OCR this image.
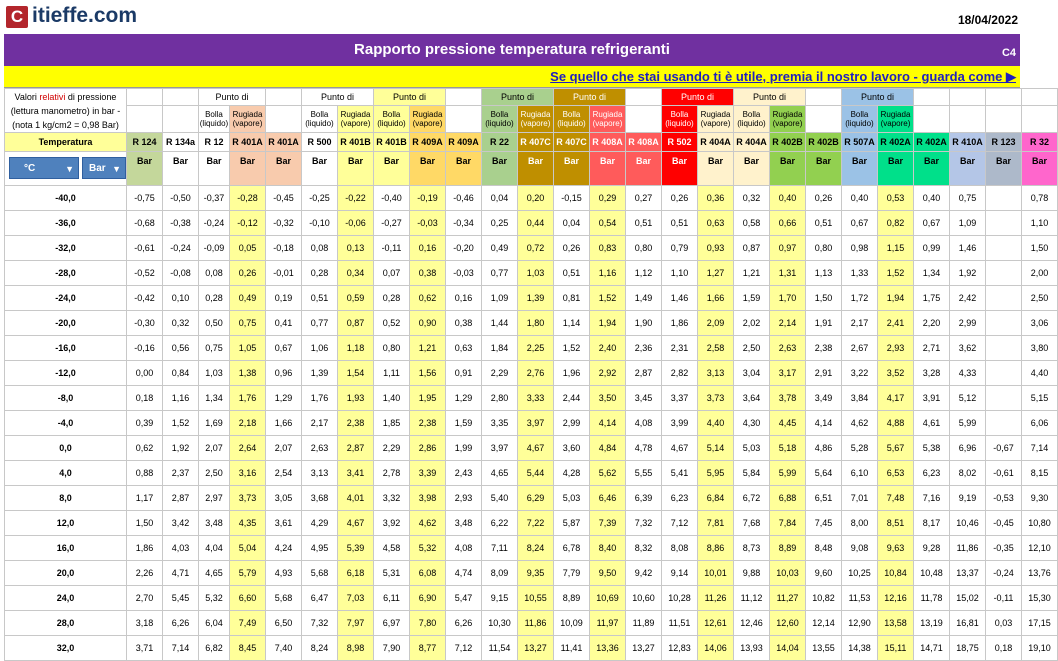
C itieffe.com	18/04/2022
Rapporto pressione temperatura refrigeranti	C4
Se quello che stai usando ti è utile, premia il nostro lavoro - guarda come ▶
Valori relativi di pressione (lettura manometro) in bar - (nota 1 kg/cm2 = 0,98 Bar)			Punto di			Punto di		Punto di			Punto di		Punto di			Punto di		Punto di			Punto di					
			Bolla (liquido)	Rugiada (vapore)		Bolla (liquido)	Rugiada (vapore)	Bolla (liquido)	Rugiada (vapore)		Bolla (liquido)	Rugiada (vapore)	Bolla (liquido)	Rugiada (vapore)		Bolla (liquido)	Rugiada (vapore)	Bolla (liquido)	Rugiada (vapore)		Bolla (liquido)	Rugiada (vapore)				
Temperatura	R 124	R 134a	R 12	R 401A	R 401A	R 500	R 401B	R 401B	R 409A	R 409A	R 22	R 407C	R 407C	R 408A	R 408A	R 502	R 404A	R 404A	R 402B	R 402B	R 507A	R 402A	R 402A	R 410A	R 123	R 32
°C ▼ Bar ▼	Bar	Bar	Bar	Bar	Bar	Bar	Bar	Bar	Bar	Bar	Bar	Bar	Bar	Bar	Bar	Bar	Bar	Bar	Bar	Bar	Bar	Bar	Bar	Bar	Bar	Bar
-40,0	-0,75	-0,50	-0,37	-0,28	-0,45	-0,25	-0,22	-0,40	-0,19	-0,46	0,04	0,20	-0,15	0,29	0,27	0,26	0,36	0,32	0,40	0,26	0,40	0,53	0,40	0,75		0,78
-36,0	-0,68	-0,38	-0,24	-0,12	-0,32	-0,10	-0,06	-0,27	-0,03	-0,34	0,25	0,44	0,04	0,54	0,51	0,51	0,63	0,58	0,66	0,51	0,67	0,82	0,67	1,09		1,10
-32,0	-0,61	-0,24	-0,09	0,05	-0,18	0,08	0,13	-0,11	0,16	-0,20	0,49	0,72	0,26	0,83	0,80	0,79	0,93	0,87	0,97	0,80	0,98	1,15	0,99	1,46		1,50
-28,0	-0,52	-0,08	0,08	0,26	-0,01	0,28	0,34	0,07	0,38	-0,03	0,77	1,03	0,51	1,16	1,12	1,10	1,27	1,21	1,31	1,13	1,33	1,52	1,34	1,92		2,00
-24,0	-0,42	0,10	0,28	0,49	0,19	0,51	0,59	0,28	0,62	0,16	1,09	1,39	0,81	1,52	1,49	1,46	1,66	1,59	1,70	1,50	1,72	1,94	1,75	2,42		2,50
-20,0	-0,30	0,32	0,50	0,75	0,41	0,77	0,87	0,52	0,90	0,38	1,44	1,80	1,14	1,94	1,90	1,86	2,09	2,02	2,14	1,91	2,17	2,41	2,20	2,99		3,06
-16,0	-0,16	0,56	0,75	1,05	0,67	1,06	1,18	0,80	1,21	0,63	1,84	2,25	1,52	2,40	2,36	2,31	2,58	2,50	2,63	2,38	2,67	2,93	2,71	3,62		3,80
-12,0	0,00	0,84	1,03	1,38	0,96	1,39	1,54	1,11	1,56	0,91	2,29	2,76	1,96	2,92	2,87	2,82	3,13	3,04	3,17	2,91	3,22	3,52	3,28	4,33		4,40
-8,0	0,18	1,16	1,34	1,76	1,29	1,76	1,93	1,40	1,95	1,29	2,80	3,33	2,44	3,50	3,45	3,37	3,73	3,64	3,78	3,49	3,84	4,17	3,91	5,12		5,15
-4,0	0,39	1,52	1,69	2,18	1,66	2,17	2,38	1,85	2,38	1,59	3,35	3,97	2,99	4,14	4,08	3,99	4,40	4,30	4,45	4,14	4,62	4,88	4,61	5,99		6,06
0,0	0,62	1,92	2,07	2,64	2,07	2,63	2,87	2,29	2,86	1,99	3,97	4,67	3,60	4,84	4,78	4,67	5,14	5,03	5,18	4,86	5,28	5,67	5,38	6,96	-0,67	7,14
4,0	0,88	2,37	2,50	3,16	2,54	3,13	3,41	2,78	3,39	2,43	4,65	5,44	4,28	5,62	5,55	5,41	5,95	5,84	5,99	5,64	6,10	6,53	6,23	8,02	-0,61	8,15
8,0	1,17	2,87	2,97	3,73	3,05	3,68	4,01	3,32	3,98	2,93	5,40	6,29	5,03	6,46	6,39	6,23	6,84	6,72	6,88	6,51	7,01	7,48	7,16	9,19	-0,53	9,30
12,0	1,50	3,42	3,48	4,35	3,61	4,29	4,67	3,92	4,62	3,48	6,22	7,22	5,87	7,39	7,32	7,12	7,81	7,68	7,84	7,45	8,00	8,51	8,17	10,46	-0,45	10,80
16,0	1,86	4,03	4,04	5,04	4,24	4,95	5,39	4,58	5,32	4,08	7,11	8,24	6,78	8,40	8,32	8,08	8,86	8,73	8,89	8,48	9,08	9,63	9,28	11,86	-0,35	12,10
20,0	2,26	4,71	4,65	5,79	4,93	5,68	6,18	5,31	6,08	4,74	8,09	9,35	7,79	9,50	9,42	9,14	10,01	9,88	10,03	9,60	10,25	10,84	10,48	13,37	-0,24	13,76
24,0	2,70	5,45	5,32	6,60	5,68	6,47	7,03	6,11	6,90	5,47	9,15	10,55	8,89	10,69	10,60	10,28	11,26	11,12	11,27	10,82	11,53	12,16	11,78	15,02	-0,11	15,30
28,0	3,18	6,26	6,04	7,49	6,50	7,32	7,97	6,97	7,80	6,26	10,30	11,86	10,09	11,97	11,89	11,51	12,61	12,46	12,60	12,14	12,90	13,58	13,19	16,81	0,03	17,15
32,0	3,71	7,14	6,82	8,45	7,40	8,24	8,98	7,90	8,77	7,12	11,54	13,27	11,41	13,36	13,27	12,83	14,06	13,93	14,04	13,55	14,38	15,11	14,71	18,75	0,18	19,10
